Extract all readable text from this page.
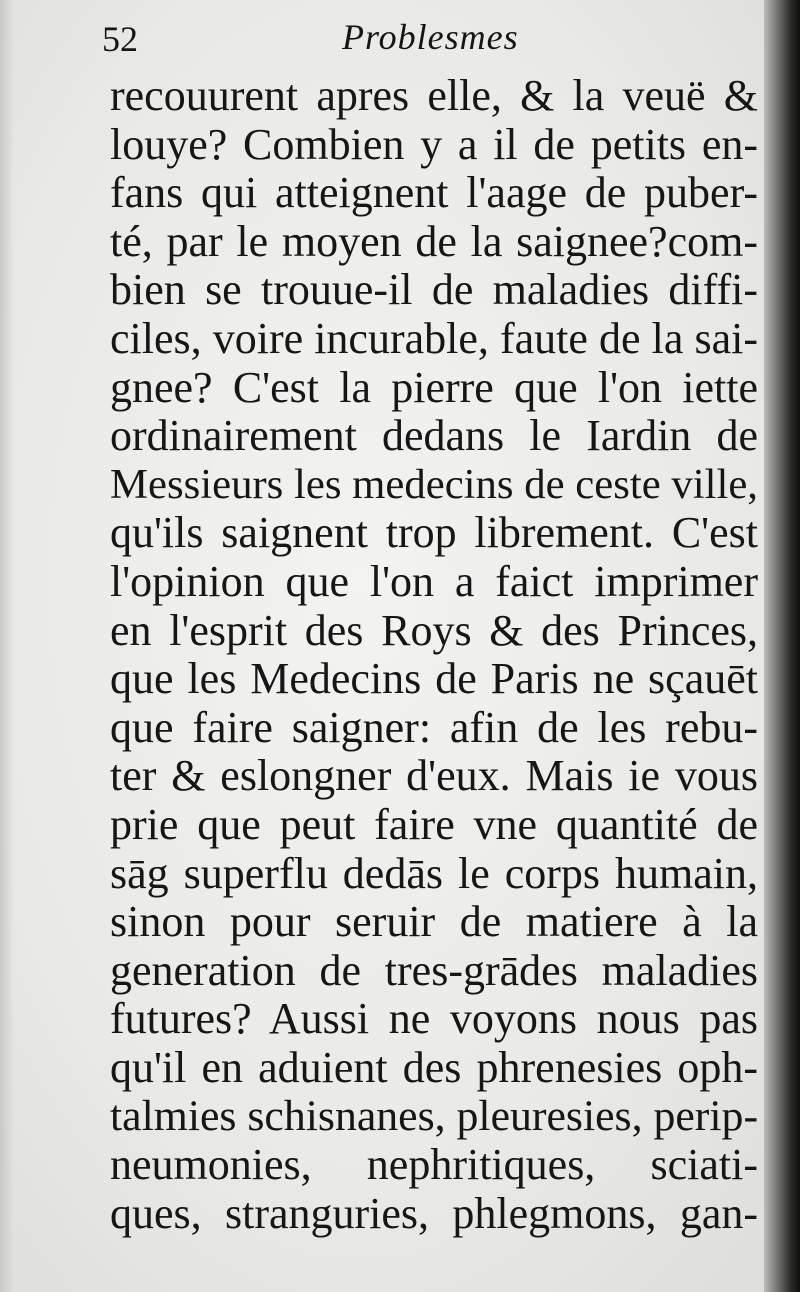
52	Problesmes
recouurent apres elle, & la veuë &
louye? Combien y a il de petits en-
fans qui atteignent l'aage de puber-
té, par le moyen de la saignee?com-
bien se trouue-il de maladies diffi-
ciles, voire incurable, faute de la sai-
gnee? C'est la pierre que l'on iette
ordinairement dedans le Iardin de
Messieurs les medecins de ceste ville,
qu'ils saignent trop librement. C'est
l'opinion que l'on a faict imprimer
en l'esprit des Roys & des Princes,
que les Medecins de Paris ne sçauēt
que faire saigner: afin de les rebu-
ter & eslongner d'eux. Mais ie vous
prie que peut faire vne quantité de
sāg superflu dedās le corps humain,
sinon pour seruir de matiere à la
generation de tres-grādes maladies
futures? Aussi ne voyons nous pas
qu'il en aduient des phrenesies oph-
talmies schisnanes, pleuresies, perip-
neumonies, nephritiques, sciati-
ques, stranguries, phlegmons, gan-
